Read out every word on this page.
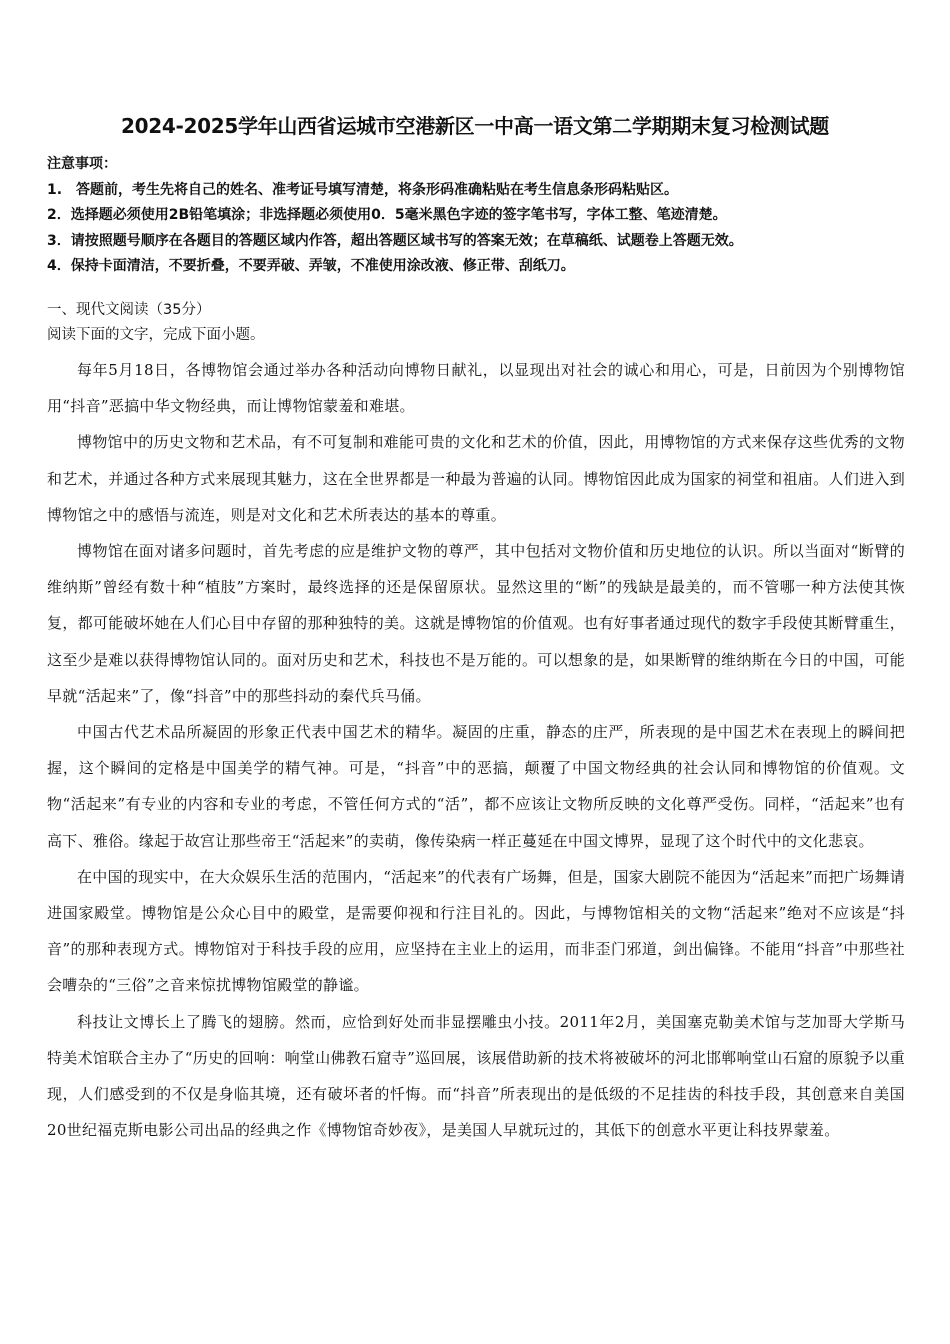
2024-2025学年山西省运城市空港新区一中高一语文第二学期期末复习检测试题
注意事项：
1.　答题前，考生先将自己的姓名、准考证号填写清楚，将条形码准确粘贴在考生信息条形码粘贴区。
2．选择题必须使用2B铅笔填涂；非选择题必须使用0．5毫米黑色字迹的签字笔书写，字体工整、笔迹清楚。
3．请按照题号顺序在各题目的答题区域内作答，超出答题区域书写的答案无效；在草稿纸、试题卷上答题无效。
4．保持卡面清洁，不要折叠，不要弄破、弄皱，不准使用涂改液、修正带、刮纸刀。
一、现代文阅读（35分）
阅读下面的文字，完成下面小题。

每年5月18日，各博物馆会通过举办各种活动向博物日献礼，以显现出对社会的诚心和用心，可是，日前因为个别博物馆用“抖音”恶搞中华文物经典，而让博物馆蒙羞和难堪。

博物馆中的历史文物和艺术品，有不可复制和难能可贵的文化和艺术的价值，因此，用博物馆的方式来保存这些优秀的文物和艺术，并通过各种方式来展现其魅力，这在全世界都是一种最为普遍的认同。博物馆因此成为国家的祠堂和祖庙。人们进入到博物馆之中的感悟与流连，则是对文化和艺术所表达的基本的尊重。

博物馆在面对诸多问题时，首先考虑的应是维护文物的尊严，其中包括对文物价值和历史地位的认识。所以当面对“断臂的维纳斯”曾经有数十种“植肢”方案时，最终选择的还是保留原状。显然这里的“断”的残缺是最美的，而不管哪一种方法使其恢复，都可能破坏她在人们心目中存留的那种独特的美。这就是博物馆的价值观。也有好事者通过现代的数字手段使其断臂重生，这至少是难以获得博物馆认同的。面对历史和艺术，科技也不是万能的。可以想象的是，如果断臂的维纳斯在今日的中国，可能早就“活起来”了，像“抖音”中的那些抖动的秦代兵马俑。

中国古代艺术品所凝固的形象正代表中国艺术的精华。凝固的庄重，静态的庄严，所表现的是中国艺术在表现上的瞬间把握，这个瞬间的定格是中国美学的精气神。可是，“抖音”中的恶搞，颠覆了中国文物经典的社会认同和博物馆的价值观。文物“活起来”有专业的内容和专业的考虑，不管任何方式的“活”，都不应该让文物所反映的文化尊严受伤。同样，“活起来”也有高下、雅俗。缘起于故宫让那些帝王“活起来”的卖萌，像传染病一样正蔓延在中国文博界，显现了这个时代中的文化悲哀。

在中国的现实中，在大众娱乐生活的范围内，“活起来”的代表有广场舞，但是，国家大剧院不能因为“活起来”而把广场舞请进国家殿堂。博物馆是公众心目中的殿堂，是需要仰视和行注目礼的。因此，与博物馆相关的文物“活起来”绝对不应该是“抖音”的那种表现方式。博物馆对于科技手段的应用，应坚持在主业上的运用，而非歪门邪道，剑出偏锋。不能用“抖音”中那些社会嘈杂的“三俗”之音来惊扰博物馆殿堂的静谧。

科技让文博长上了腾飞的翅膀。然而，应恰到好处而非显摆雕虫小技。2011年2月，美国塞克勒美术馆与芝加哥大学斯马特美术馆联合主办了“历史的回响：响堂山佛教石窟寺”巡回展，该展借助新的技术将被破坏的河北邯郸响堂山石窟的原貌予以重现，人们感受到的不仅是身临其境，还有破坏者的忏悔。而“抖音”所表现出的是低级的不足挂齿的科技手段，其创意来自美国20世纪福克斯电影公司出品的经典之作《博物馆奇妙夜》，是美国人早就玩过的，其低下的创意水平更让科技界蒙羞。
